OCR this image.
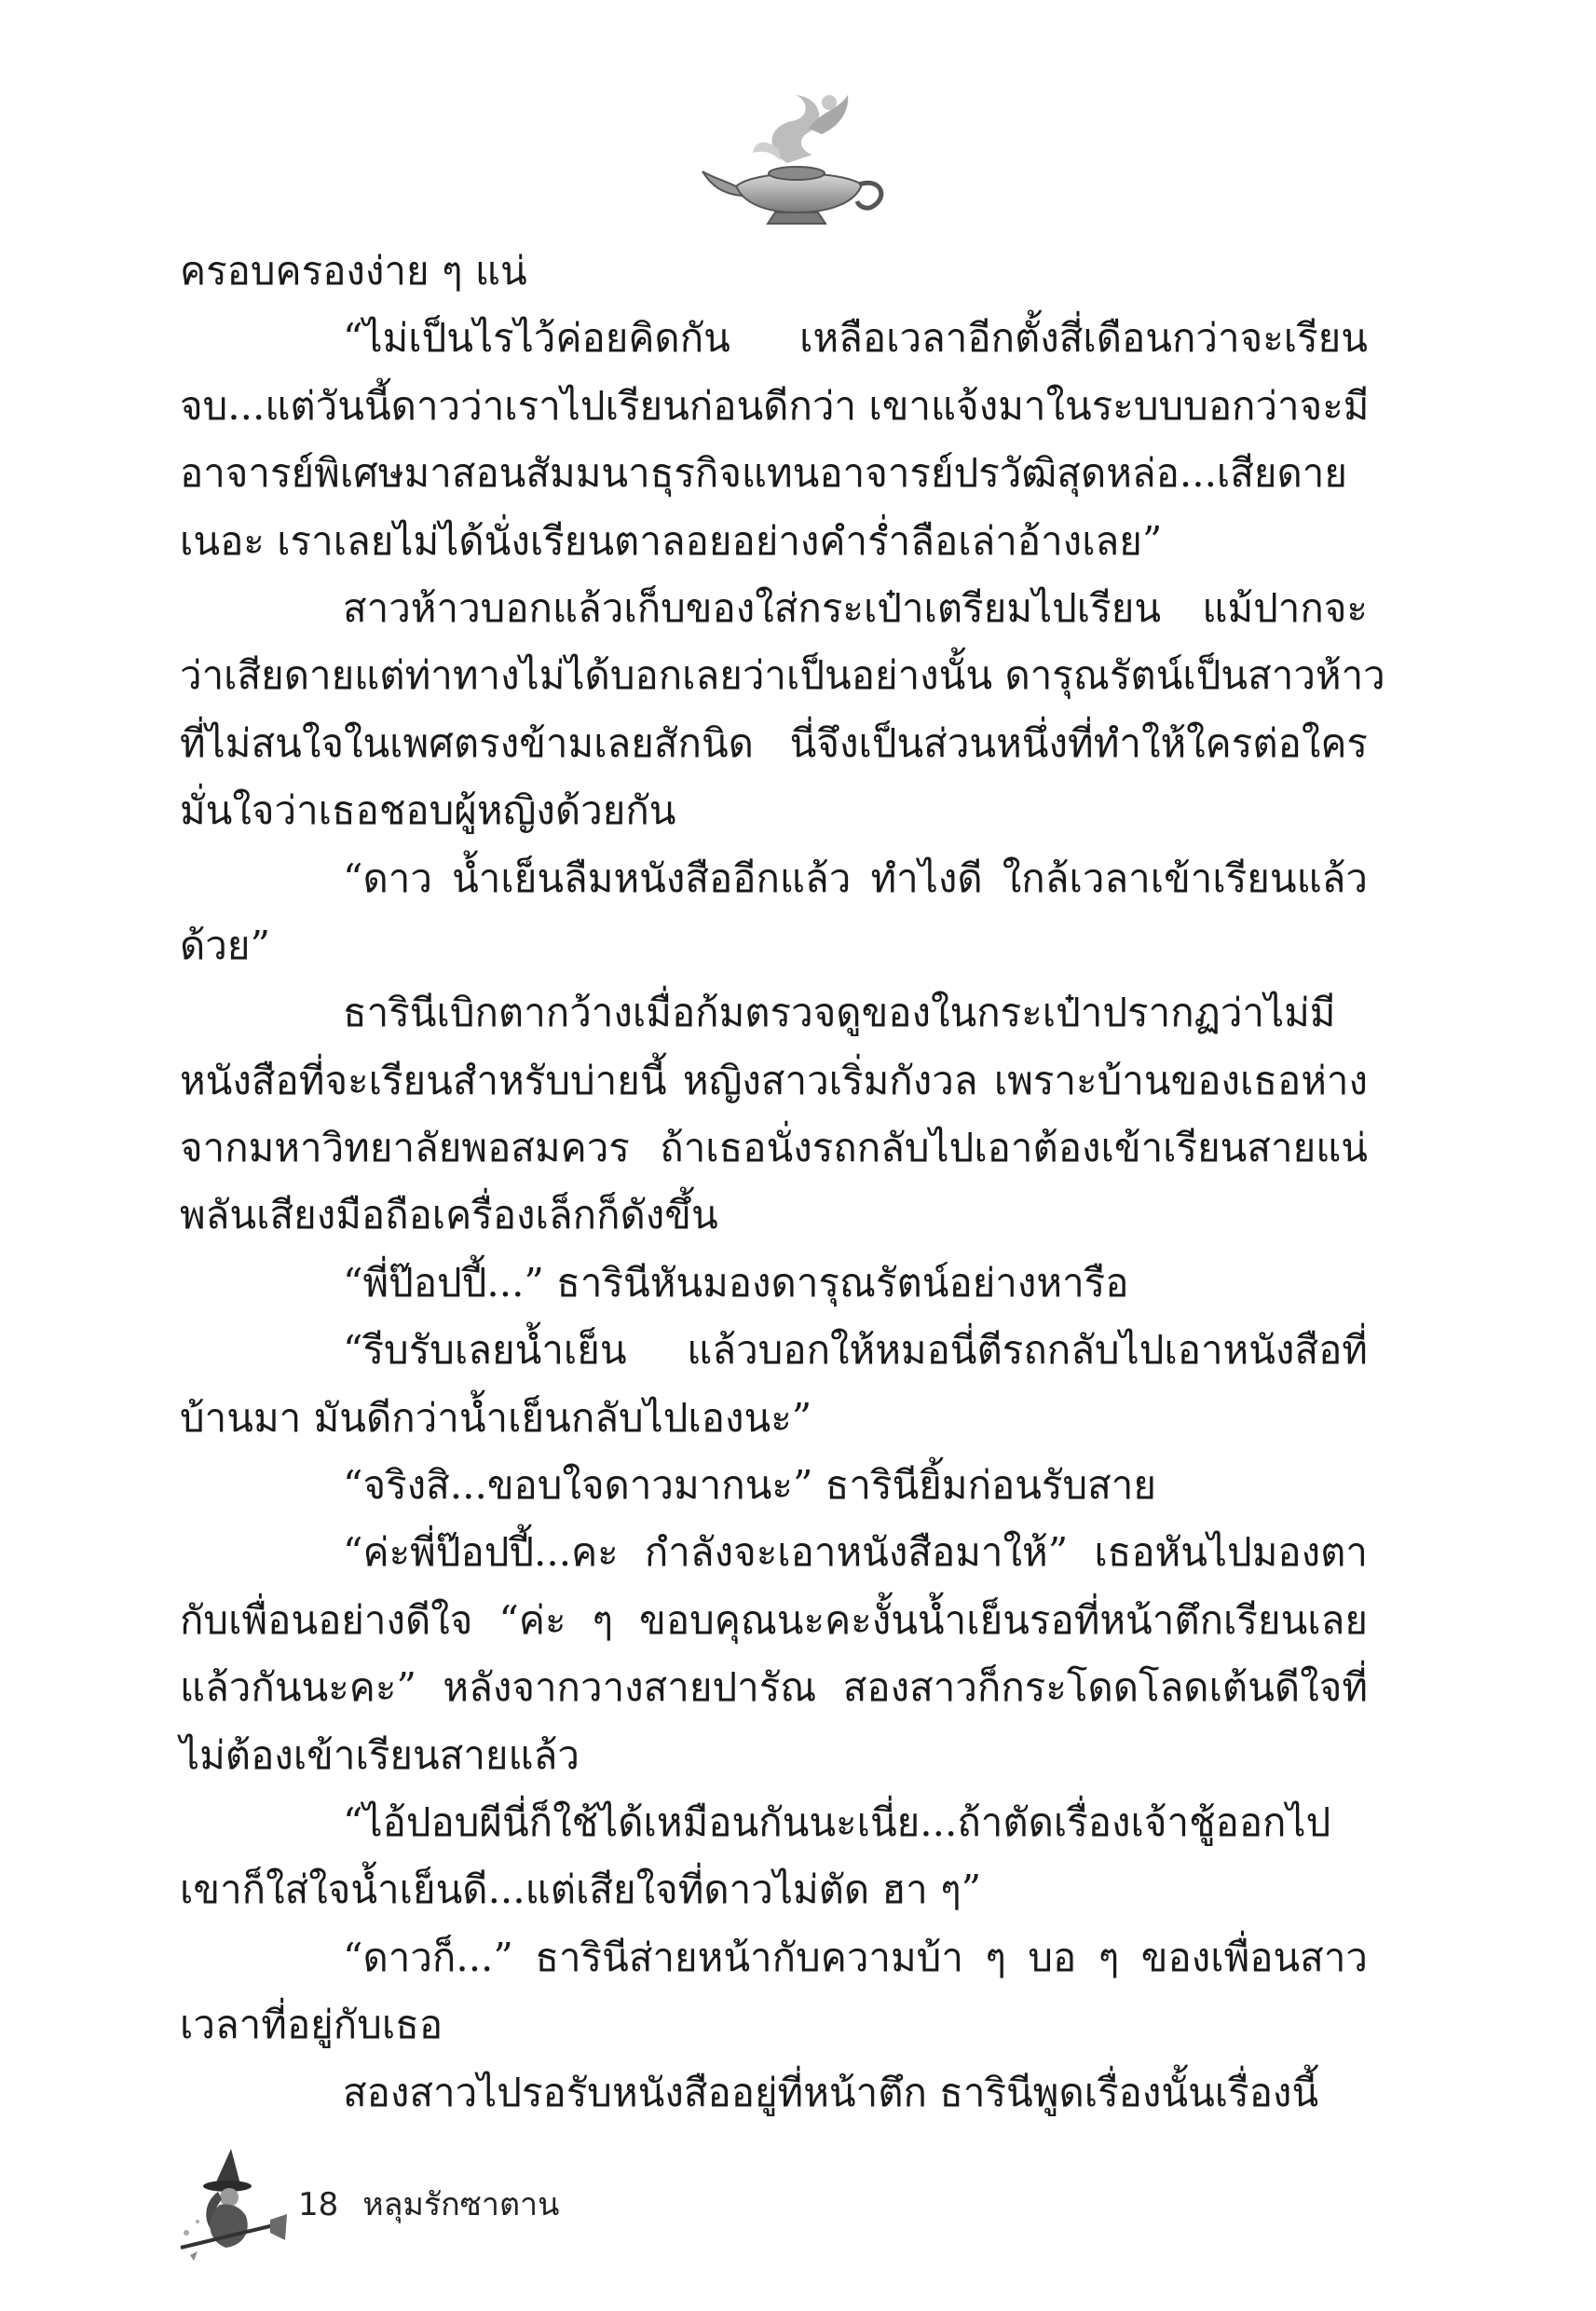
ครอบครองง่าย ๆ แน่
“ไม่เป็นไรไว้ค่อยคิดกัน เหลือเวลาอีกตั้งสี่เดือนกว่าจะเรียน
จบ...แต่วันนี้ดาวว่าเราไปเรียนก่อนดีกว่า เขาแจ้งมาในระบบบอกว่าจะมี
อาจารย์พิเศษมาสอนสัมมนาธุรกิจแทนอาจารย์ปรวัฒิสุดหล่อ...เสียดาย
เนอะ เราเลยไม่ได้นั่งเรียนตาลอยอย่างคำร่ำลือเล่าอ้างเลย”
สาวห้าวบอกแล้วเก็บของใส่กระเป๋าเตรียมไปเรียน แม้ปากจะ
ว่าเสียดายแต่ท่าทางไม่ได้บอกเลยว่าเป็นอย่างนั้น ดารุณรัตน์เป็นสาวห้าว
ที่ไม่สนใจในเพศตรงข้ามเลยสักนิด นี่จึงเป็นส่วนหนึ่งที่ทำให้ใครต่อใคร
มั่นใจว่าเธอชอบผู้หญิงด้วยกัน
“ดาว น้ำเย็นลืมหนังสืออีกแล้ว ทำไงดี ใกล้เวลาเข้าเรียนแล้ว
ด้วย”
ธารินีเบิกตากว้างเมื่อก้มตรวจดูของในกระเป๋าปรากฏว่าไม่มี
หนังสือที่จะเรียนสำหรับบ่ายนี้ หญิงสาวเริ่มกังวล เพราะบ้านของเธอห่าง
จากมหาวิทยาลัยพอสมควร ถ้าเธอนั่งรถกลับไปเอาต้องเข้าเรียนสายแน่
พลันเสียงมือถือเครื่องเล็กก็ดังขึ้น
“พี่ป๊อปปี้...” ธารินีหันมองดารุณรัตน์อย่างหารือ
“รีบรับเลยน้ำเย็น แล้วบอกให้หมอนี่ตีรถกลับไปเอาหนังสือที่
บ้านมา มันดีกว่าน้ำเย็นกลับไปเองนะ”
“จริงสิ...ขอบใจดาวมากนะ” ธารินียิ้มก่อนรับสาย
“ค่ะพี่ป๊อปปี้...คะ กำลังจะเอาหนังสือมาให้” เธอหันไปมองตา
กับเพื่อนอย่างดีใจ “ค่ะ ๆ ขอบคุณนะคะงั้นน้ำเย็นรอที่หน้าตึกเรียนเลย
แล้วกันนะคะ” หลังจากวางสายปารัณ สองสาวก็กระโดดโลดเต้นดีใจที่
ไม่ต้องเข้าเรียนสายแล้ว
“ไอ้ปอบผีนี่ก็ใช้ได้เหมือนกันนะเนี่ย...ถ้าตัดเรื่องเจ้าชู้ออกไป
เขาก็ใส่ใจน้ำเย็นดี...แต่เสียใจที่ดาวไม่ตัด ฮา ๆ”
“ดาวก็...” ธารินีส่ายหน้ากับความบ้า ๆ บอ ๆ ของเพื่อนสาว
เวลาที่อยู่กับเธอ
สองสาวไปรอรับหนังสืออยู่ที่หน้าตึก ธารินีพูดเรื่องนั้นเรื่องนี้
18 หลุมรักซาตาน
